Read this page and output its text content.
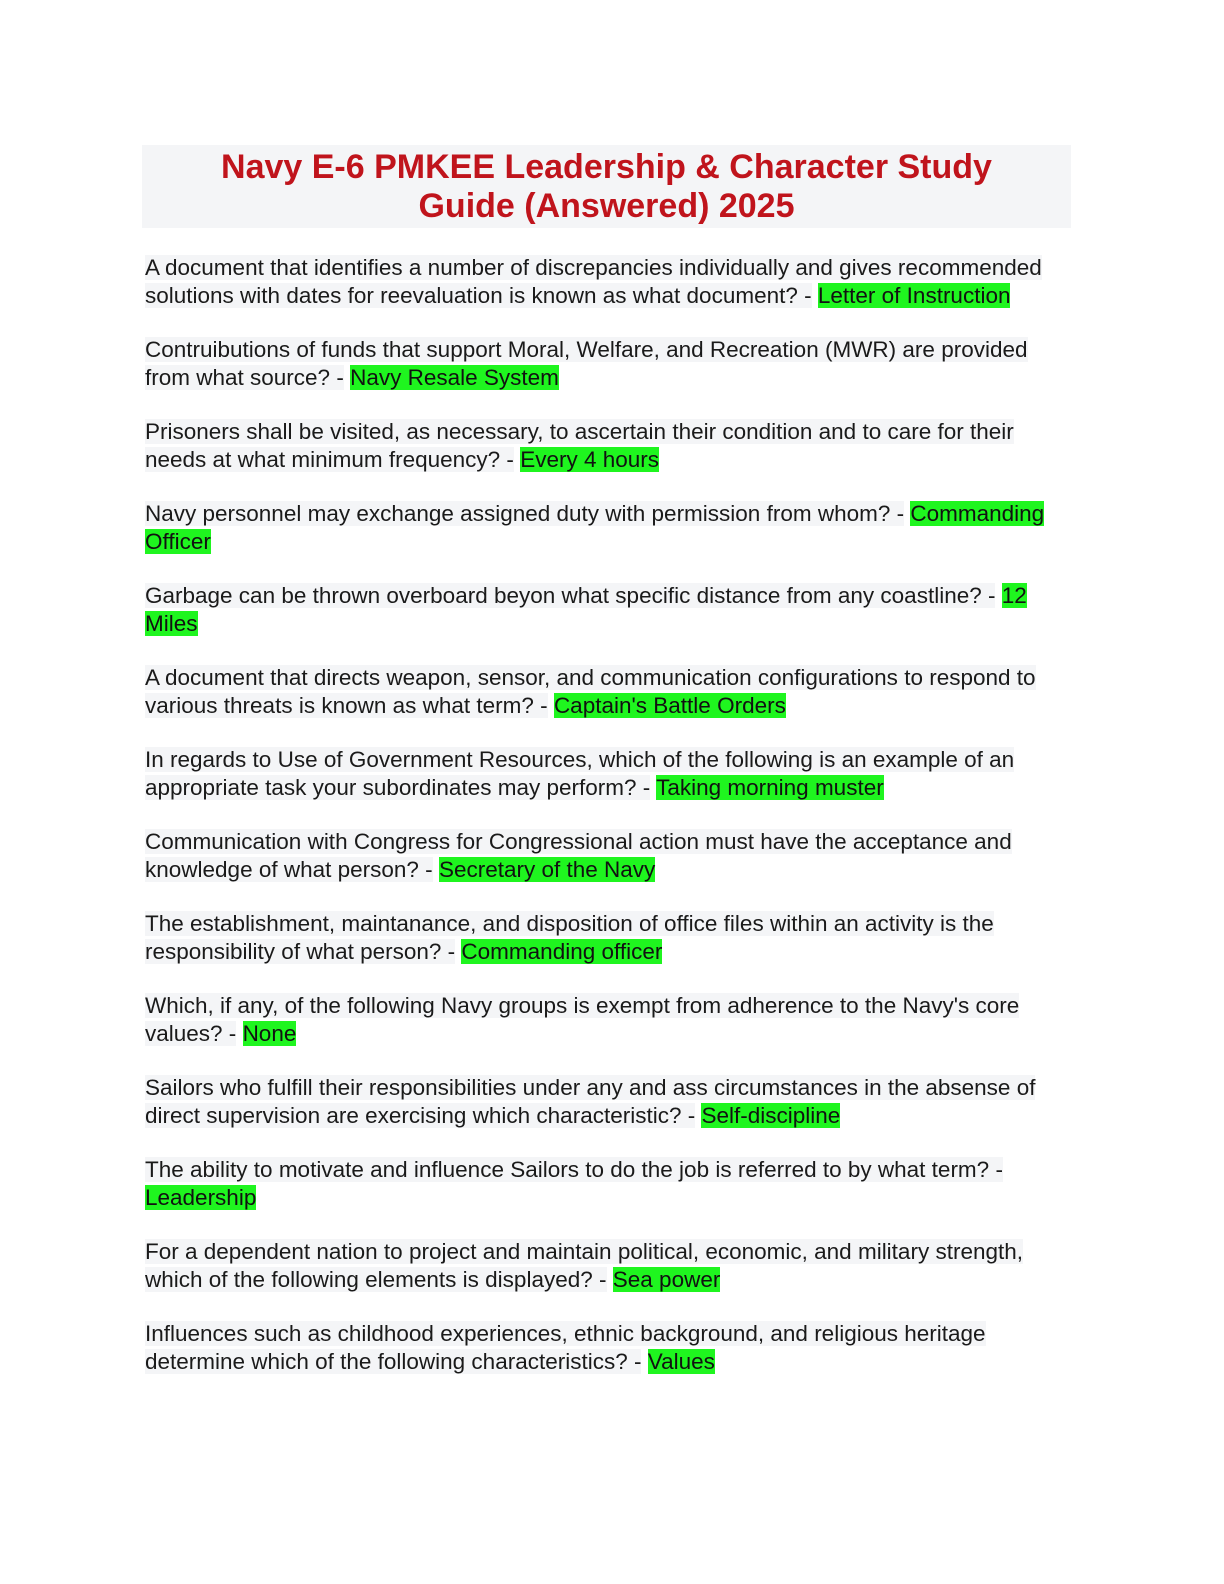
Navy E-6 PMKEE Leadership & Character Study Guide (Answered) 2025

A document that identifies a number of discrepancies individually and gives recommended solutions with dates for reevaluation is known as what document? - Letter of Instruction

Contruibutions of funds that support Moral, Welfare, and Recreation (MWR) are provided from what source? - Navy Resale System

Prisoners shall be visited, as necessary, to ascertain their condition and to care for their needs at what minimum frequency? - Every 4 hours

Navy personnel may exchange assigned duty with permission from whom? - Commanding Officer

Garbage can be thrown overboard beyon what specific distance from any coastline? - 12 Miles

A document that directs weapon, sensor, and communication configurations to respond to various threats is known as what term? - Captain's Battle Orders

In regards to Use of Government Resources, which of the following is an example of an appropriate task your subordinates may perform? - Taking morning muster

Communication with Congress for Congressional action must have the acceptance and knowledge of what person? - Secretary of the Navy

The establishment, maintanance, and disposition of office files within an activity is the responsibility of what person? - Commanding officer

Which, if any, of the following Navy groups is exempt from adherence to the Navy's core values? - None

Sailors who fulfill their responsibilities under any and ass circumstances in the absense of direct supervision are exercising which characteristic? - Self-discipline

The ability to motivate and influence Sailors to do the job is referred to by what term? - Leadership

For a dependent nation to project and maintain political, economic, and military strength, which of the following elements is displayed? - Sea power

Influences such as childhood experiences, ethnic background, and religious heritage determine which of the following characteristics? - Values
